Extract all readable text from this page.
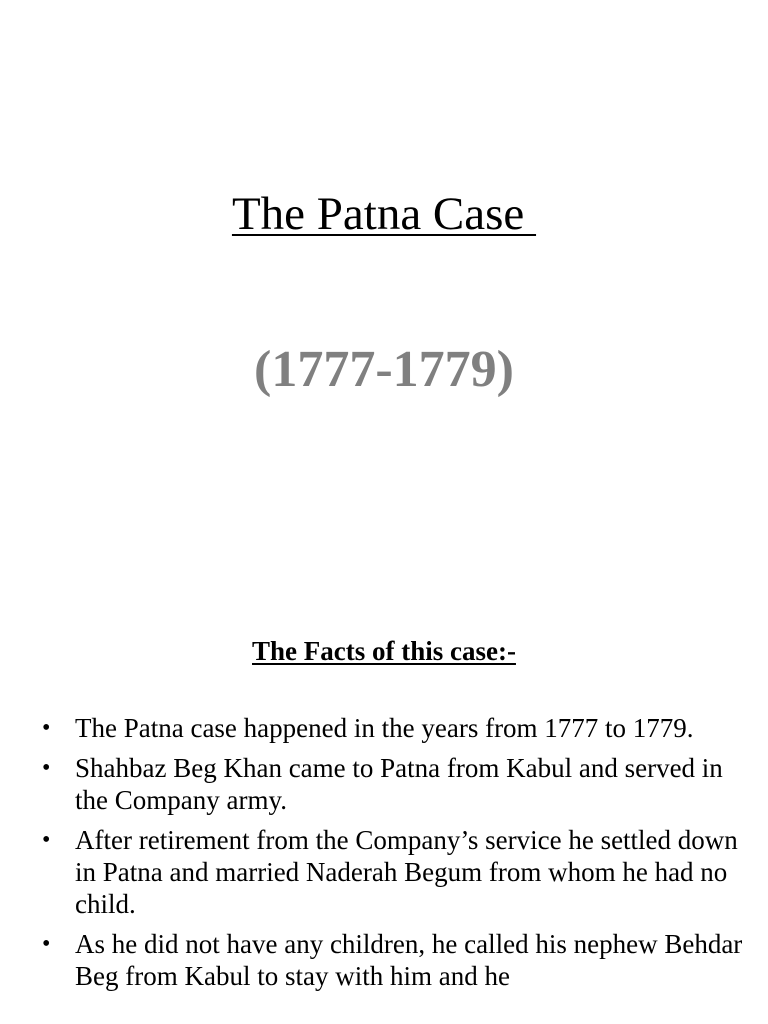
The Patna Case
(1777-1779)
The Facts of this case:-
• The Patna case happened in the years from 1777 to 1779.
• Shahbaz Beg Khan came to Patna from Kabul and served in the Company army.
• After retirement from the Company’s service he settled down in Patna and married Naderah Begum from whom he had no child.
• As he did not have any children, he called his nephew Behdar Beg from Kabul to stay with him and he
